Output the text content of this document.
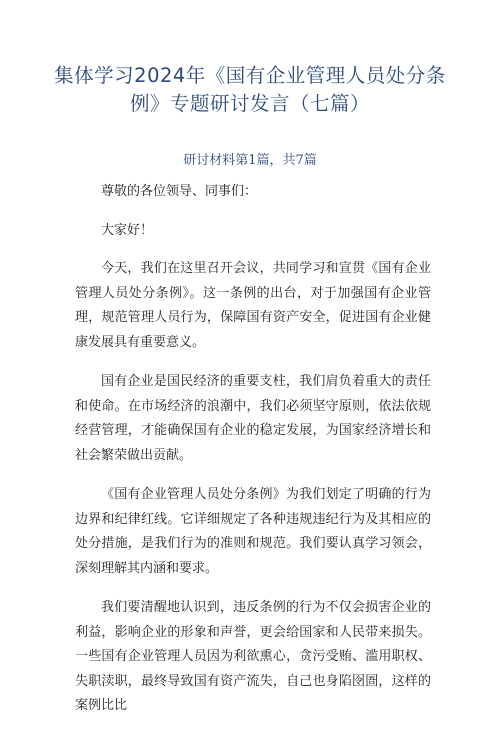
集体学习2024年《国有企业管理人员处分条例》专题研讨发言（七篇）
研讨材料第1篇，共7篇

尊敬的各位领导、同事们：

大家好！

今天，我们在这里召开会议，共同学习和宣贯《国有企业管理人员处分条例》。这一条例的出台，对于加强国有企业管理，规范管理人员行为，保障国有资产安全，促进国有企业健康发展具有重要意义。

国有企业是国民经济的重要支柱，我们肩负着重大的责任和使命。在市场经济的浪潮中，我们必须坚守原则，依法依规经营管理，才能确保国有企业的稳定发展，为国家经济增长和社会繁荣做出贡献。

《国有企业管理人员处分条例》为我们划定了明确的行为边界和纪律红线。它详细规定了各种违规违纪行为及其相应的处分措施，是我们行为的准则和规范。我们要认真学习领会，深刻理解其内涵和要求。

我们要清醒地认识到，违反条例的行为不仅会损害企业的利益，影响企业的形象和声誉，更会给国家和人民带来损失。一些国有企业管理人员因为利欲熏心，贪污受贿、滥用职权、失职渎职，最终导致国有资产流失，自己也身陷囹圄，这样的案例比比
